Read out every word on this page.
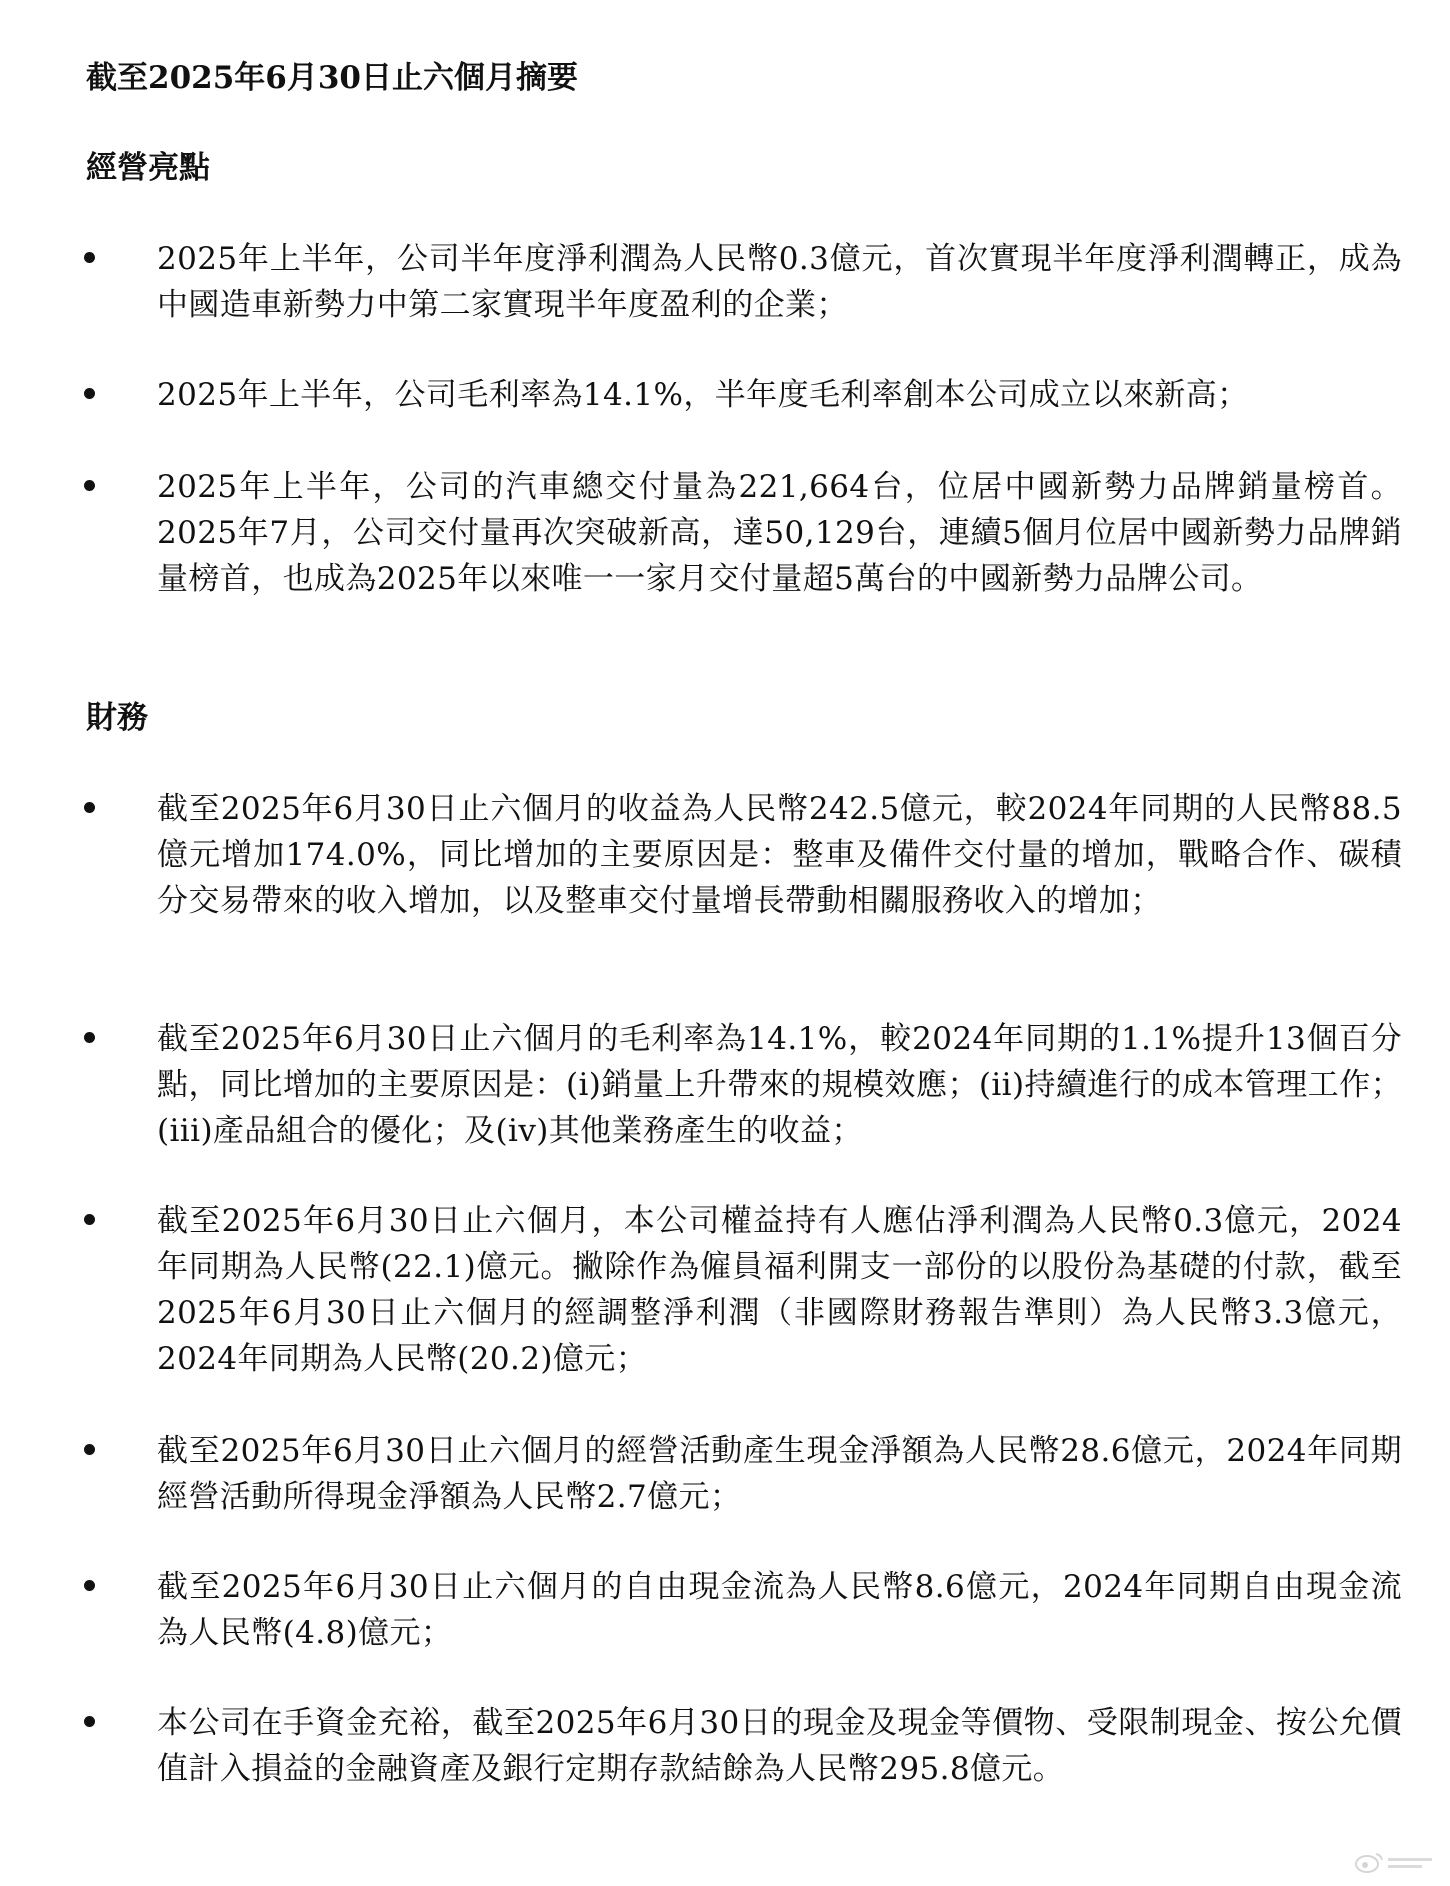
截至2025年6月30日止六個月摘要
經營亮點
2025年上半年，公司半年度淨利潤為人民幣0.3億元，首次實現半年度淨利潤轉正，成為中國造車新勢力中第二家實現半年度盈利的企業；
2025年上半年，公司毛利率為14.1%，半年度毛利率創本公司成立以來新高；
2025年上半年，公司的汽車總交付量為221,664台，位居中國新勢力品牌銷量榜首。2025年7月，公司交付量再次突破新高，達50,129台，連續5個月位居中國新勢力品牌銷量榜首，也成為2025年以來唯一一家月交付量超5萬台的中國新勢力品牌公司。
財務
截至2025年6月30日止六個月的收益為人民幣242.5億元，較2024年同期的人民幣88.5億元增加174.0%，同比增加的主要原因是：整車及備件交付量的增加，戰略合作、碳積分交易帶來的收入增加，以及整車交付量增長帶動相關服務收入的增加；
截至2025年6月30日止六個月的毛利率為14.1%，較2024年同期的1.1%提升13個百分點，同比增加的主要原因是：(i)銷量上升帶來的規模效應；(ii)持續進行的成本管理工作；(iii)產品組合的優化；及(iv)其他業務產生的收益；
截至2025年6月30日止六個月，本公司權益持有人應佔淨利潤為人民幣0.3億元，2024年同期為人民幣(22.1)億元。撇除作為僱員福利開支一部份的以股份為基礎的付款，截至2025年6月30日止六個月的經調整淨利潤（非國際財務報告準則）為人民幣3.3億元，2024年同期為人民幣(20.2)億元；
截至2025年6月30日止六個月的經營活動產生現金淨額為人民幣28.6億元，2024年同期經營活動所得現金淨額為人民幣2.7億元；
截至2025年6月30日止六個月的自由現金流為人民幣8.6億元，2024年同期自由現金流為人民幣(4.8)億元；
本公司在手資金充裕，截至2025年6月30日的現金及現金等價物、受限制現金、按公允價值計入損益的金融資產及銀行定期存款結餘為人民幣295.8億元。
